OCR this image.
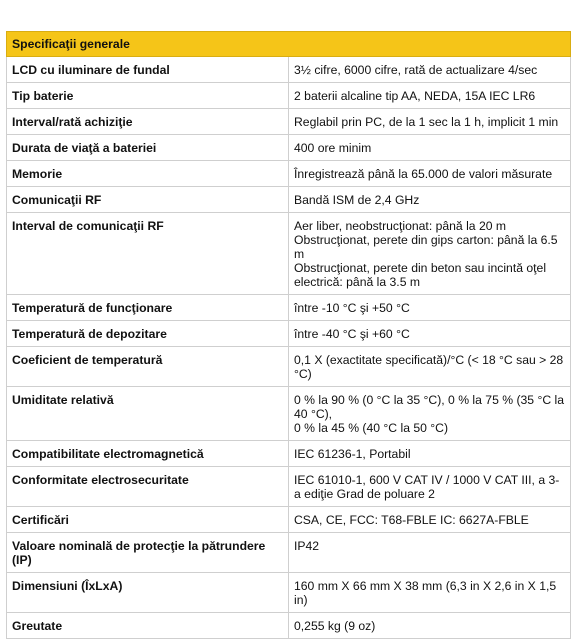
Specificaţii generale	
LCD cu iluminare de fundal	3½ cifre, 6000 cifre, rată de actualizare 4/sec

Tip baterie	2 baterii alcaline tip AA, NEDA, 15A IEC LR6

Interval/rată achiziţie	Reglabil prin PC, de la 1 sec la 1 h, implicit 1 min

Durata de viaţă a bateriei	400 ore minim

Memorie	Înregistrează până la 65.000 de valori măsurate

Comunicaţii RF	Bandă ISM de 2,4 GHz

Interval de comunicaţii RF	Aer liber, neobstrucţionat: până la 20 m
Obstrucţionat, perete din gips carton: până la 6.5 m
Obstrucţionat, perete din beton sau incintă oţel electrică: până la 3.5 m

Temperatură de funcţionare	între -10 °C şi +50 °C

Temperatură de depozitare	între -40 °C şi +60 °C

Coeficient de temperatură	0,1 X (exactitate specificată)/°C (< 18 °C sau > 28 °C)

Umiditate relativă	0 % la 90 % (0 °C la 35 °C), 0 % la 75 % (35 °C la 40 °C),
0 % la 45 % (40 °C la 50 °C)

Compatibilitate electromagnetică	IEC 61236-1, Portabil

Conformitate electrosecuritate	IEC 61010-1, 600 V CAT IV / 1000 V CAT III, a 3-a ediţie Grad de poluare 2

Certificări	CSA, CE, FCC: T68-FBLE IC: 6627A-FBLE

Valoare nominală de protecţie la pătrundere (IP)	IP42

Dimensiuni (ÎxLxA)	160 mm X 66 mm X 38 mm (6,3 in X 2,6 in X 1,5 in)

Greutate	0,255 kg (9 oz)
